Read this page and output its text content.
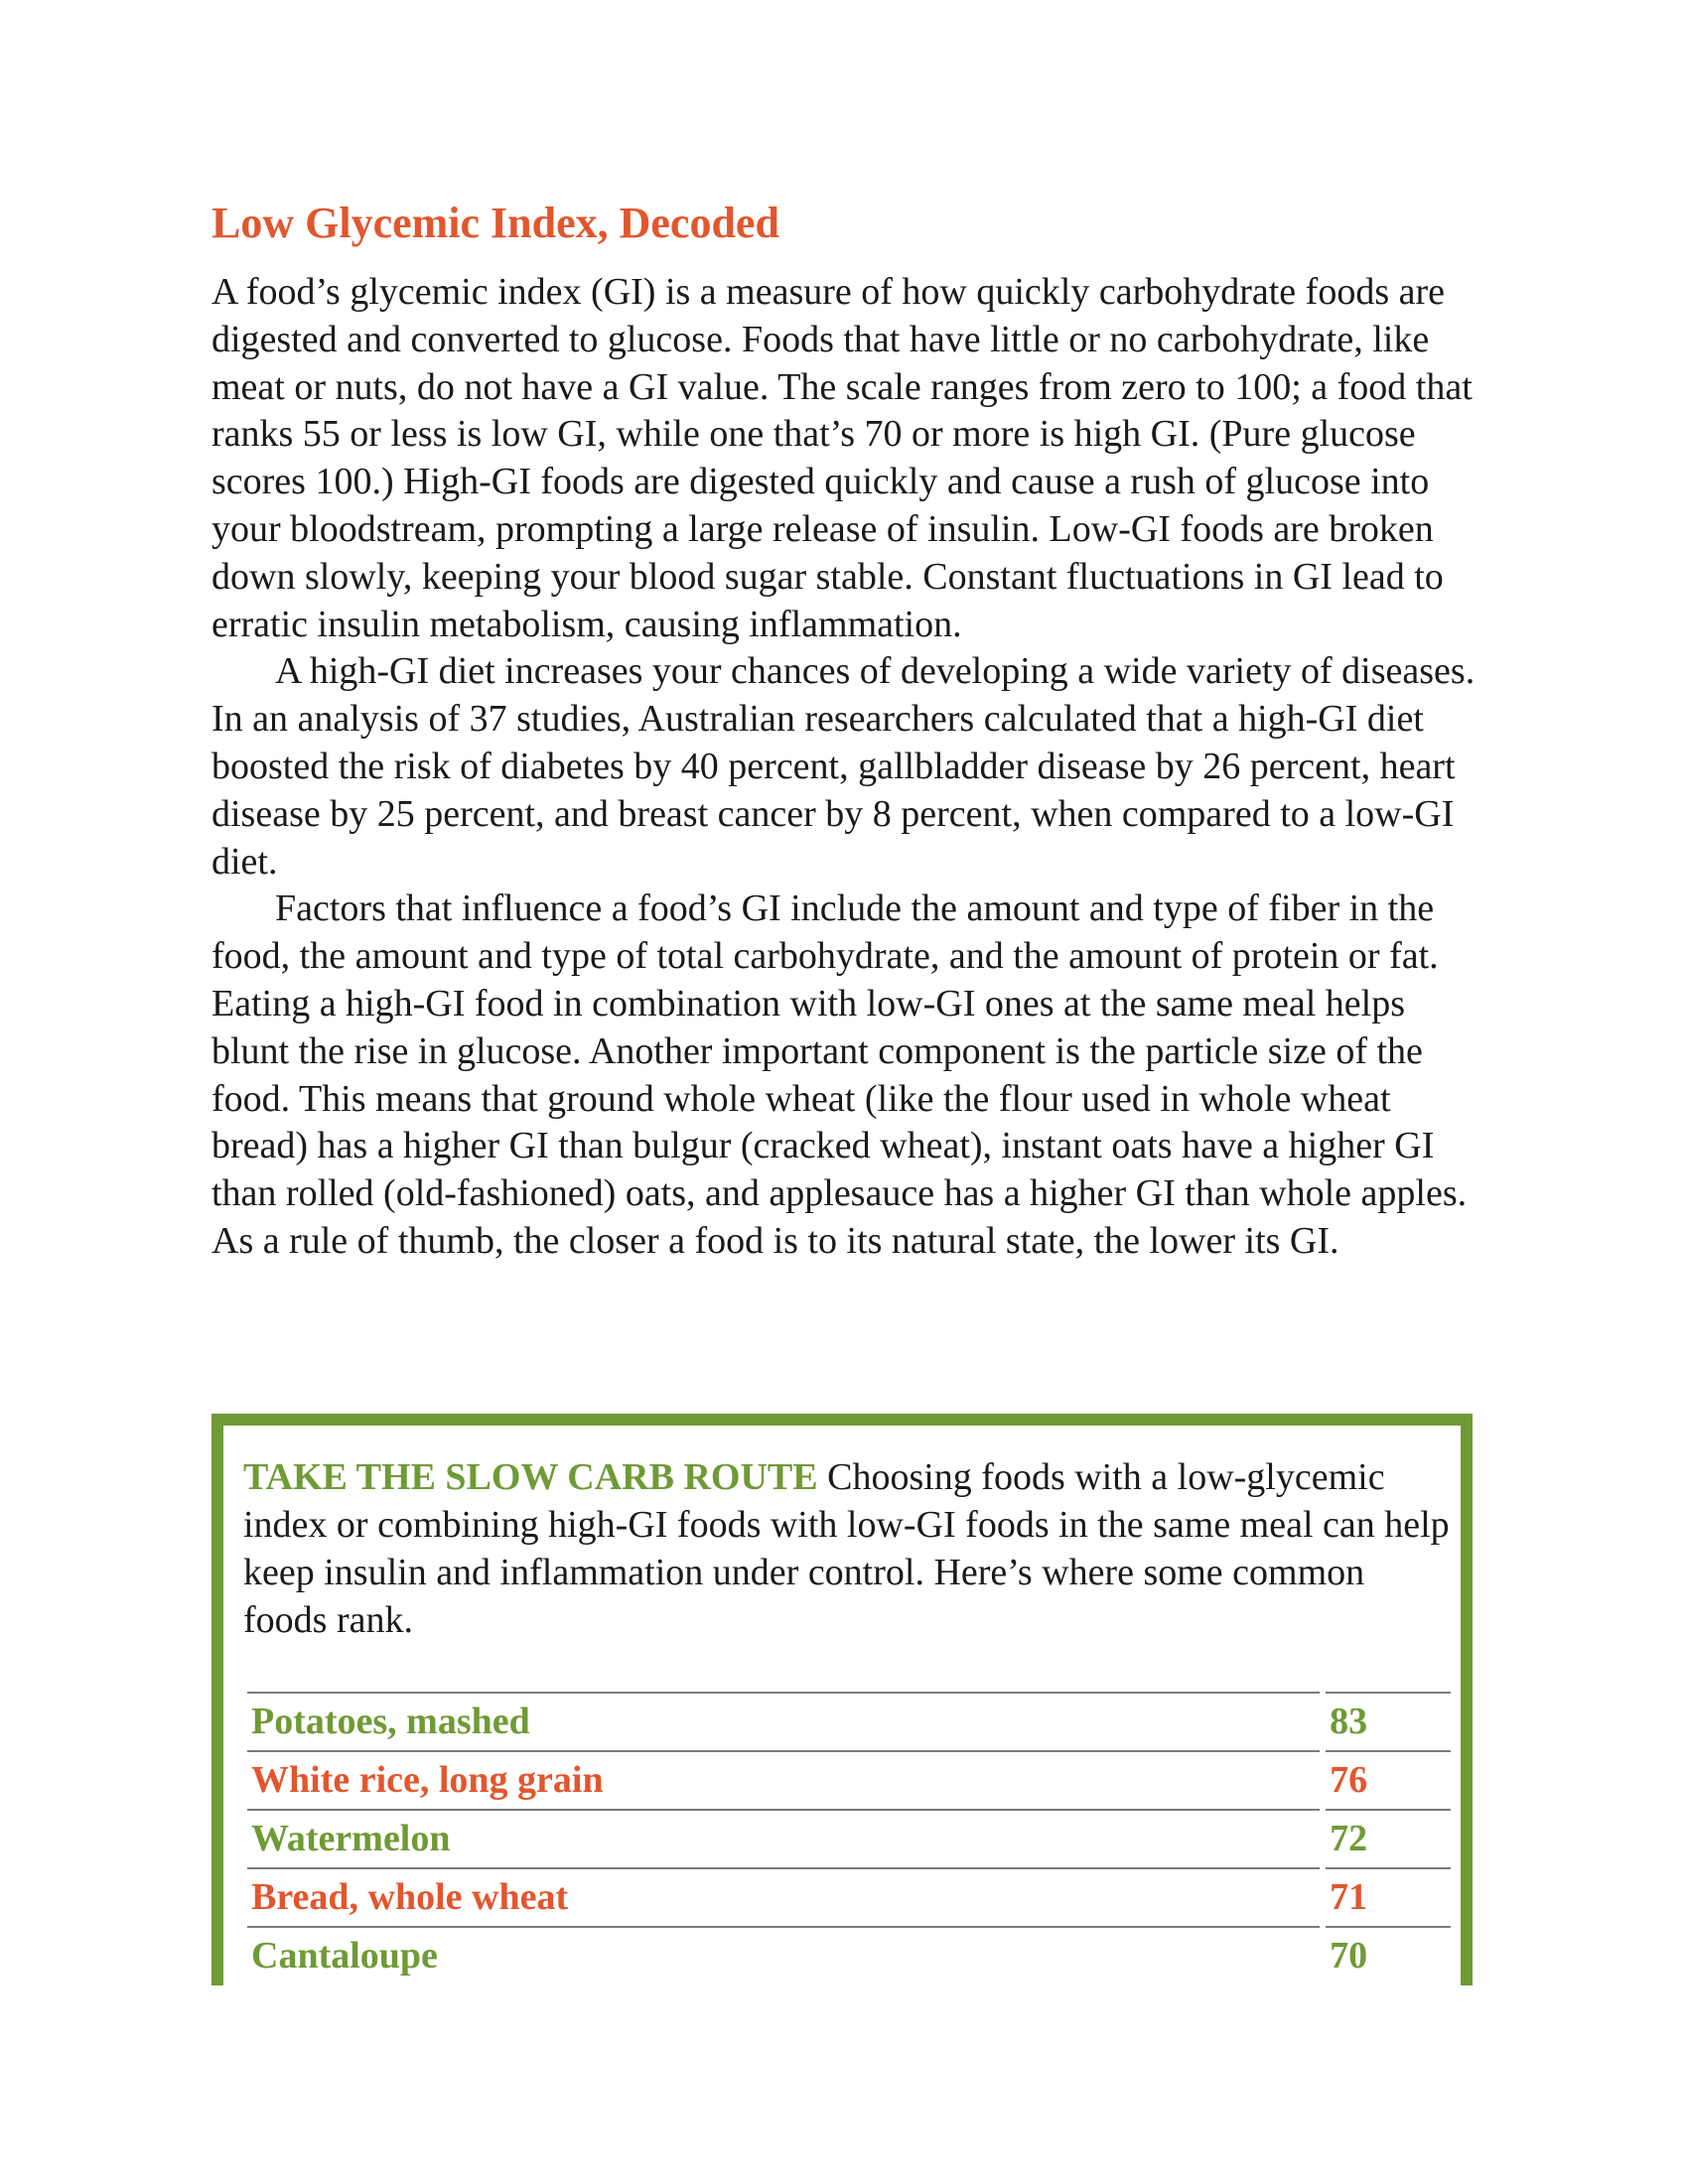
Low Glycemic Index, Decoded

A food’s glycemic index (GI) is a measure of how quickly carbohydrate foods are digested and converted to glucose. Foods that have little or no carbohydrate, like meat or nuts, do not have a GI value. The scale ranges from zero to 100; a food that ranks 55 or less is low GI, while one that’s 70 or more is high GI. (Pure glucose scores 100.) High-GI foods are digested quickly and cause a rush of glucose into your bloodstream, prompting a large release of insulin. Low-GI foods are broken down slowly, keeping your blood sugar stable. Constant fluctuations in GI lead to erratic insulin metabolism, causing inflammation.

A high-GI diet increases your chances of developing a wide variety of diseases. In an analysis of 37 studies, Australian researchers calculated that a high-GI diet boosted the risk of diabetes by 40 percent, gallbladder disease by 26 percent, heart disease by 25 percent, and breast cancer by 8 percent, when compared to a low-GI diet.

Factors that influence a food’s GI include the amount and type of fiber in the food, the amount and type of total carbohydrate, and the amount of protein or fat. Eating a high-GI food in combination with low-GI ones at the same meal helps blunt the rise in glucose. Another important component is the particle size of the food. This means that ground whole wheat (like the flour used in whole wheat bread) has a higher GI than bulgur (cracked wheat), instant oats have a higher GI than rolled (old-fashioned) oats, and applesauce has a higher GI than whole apples. As a rule of thumb, the closer a food is to its natural state, the lower its GI.

TAKE THE SLOW CARB ROUTE Choosing foods with a low-glycemic index or combining high-GI foods with low-GI foods in the same meal can help keep insulin and inflammation under control. Here’s where some common foods rank.
Potatoes, mashed		83
White rice, long grain		76
Watermelon		72
Bread, whole wheat		71
Cantaloupe		70
